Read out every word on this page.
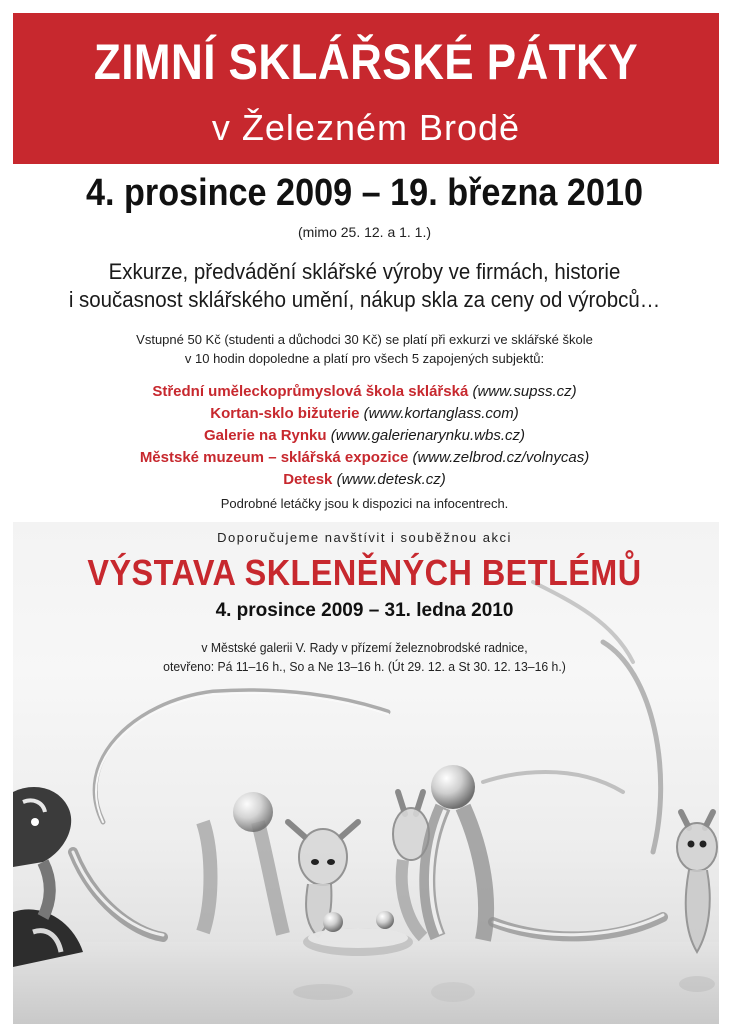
ZIMNÍ SKLÁŘSKÉ PÁTKY
v Železném Brodě
4. prosince 2009 – 19. března 2010
(mimo 25. 12. a 1. 1.)
Exkurze, předvádění sklářské výroby ve firmách, historie
i současnost sklářského umění, nákup skla za ceny od výrobců…
Vstupné 50 Kč (studenti a důchodci 30 Kč) se platí při exkurzi ve sklářské škole
v 10 hodin dopoledne a platí pro všech 5 zapojených subjektů:
Střední uměleckoprůmyslová škola sklářská (www.supss.cz)
Kortan-sklo bižuterie (www.kortanglass.com)
Galerie na Rynku (www.galerienarynku.wbs.cz)
Městské muzeum – sklářská expozice (www.zelbrod.cz/volnycas)
Detesk (www.detesk.cz)
Podrobné letáčky jsou k dispozici na infocentrech.
Doporučujeme navštívit i souběžnou akci
VÝSTAVA SKLENĚNÝCH BETLÉMŮ
4. prosince 2009 – 31. ledna 2010
v Městské galerii V. Rady v přízemí železnobrodské radnice,
otevřeno: Pá 11–16 h., So a Ne 13–16 h. (Út 29. 12. a St 30. 12. 13–16 h.)
